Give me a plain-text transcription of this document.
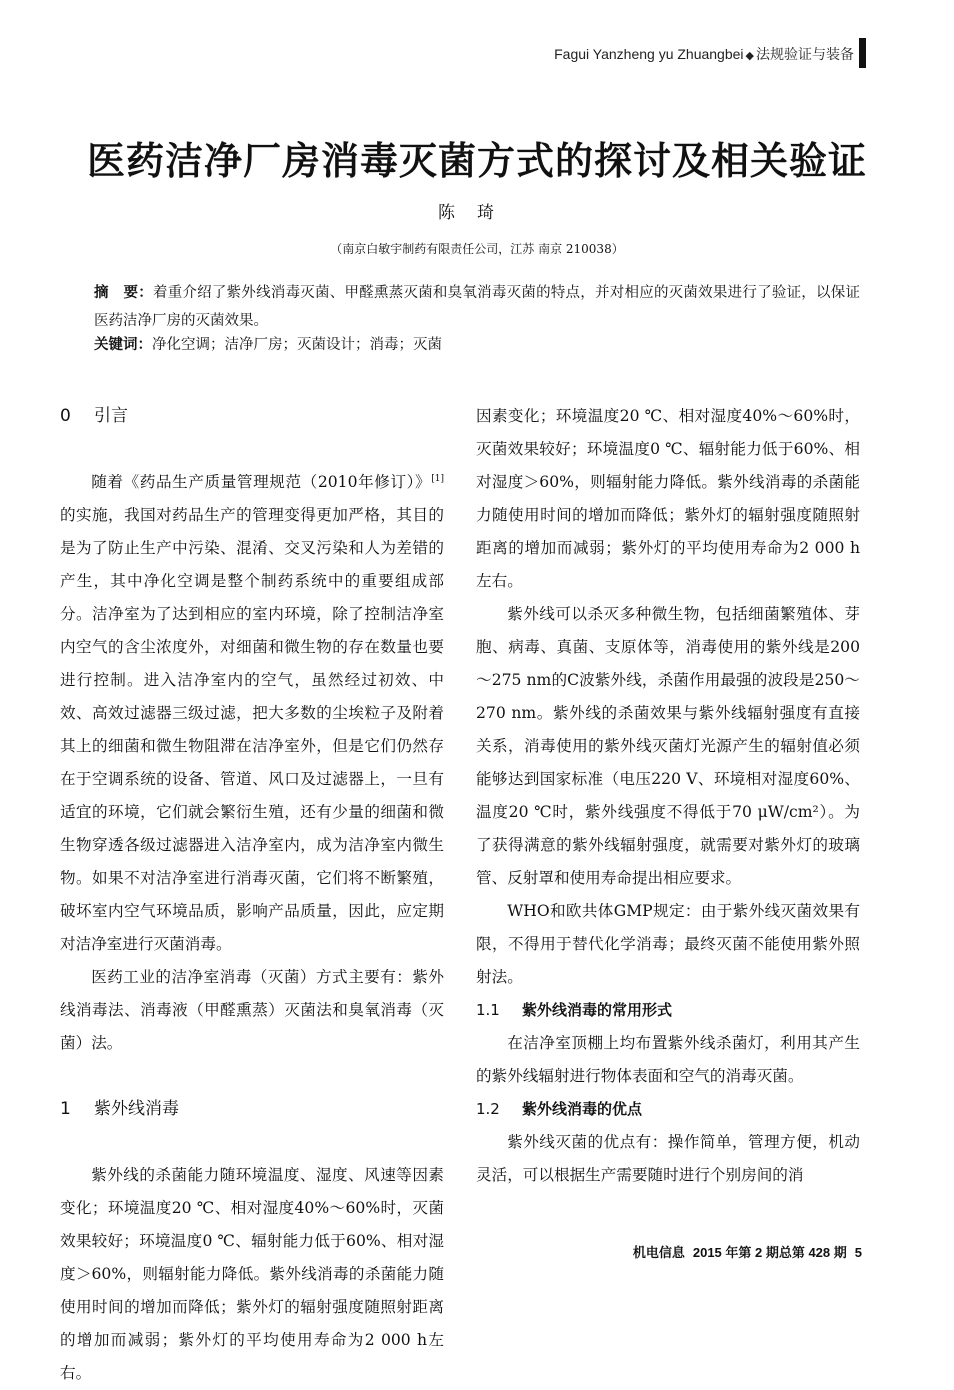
Fagui Yanzheng yu Zhuangbei ◆ 法规验证与装备
医药洁净厂房消毒灭菌方式的探讨及相关验证
陈琦
（南京白敏宇制药有限责任公司，江苏 南京 210038）
摘　要：着重介绍了紫外线消毒灭菌、甲醛熏蒸灭菌和臭氧消毒灭菌的特点，并对相应的灭菌效果进行了验证，以保证医药洁净厂房的灭菌效果。
关键词：净化空调；洁净厂房；灭菌设计；消毒；灭菌
0 引言

随着《药品生产质量管理规范（2010年修订）》[1]的实施，我国对药品生产的管理变得更加严格，其目的是为了防止生产中污染、混淆、交叉污染和人为差错的产生，其中净化空调是整个制药系统中的重要组成部分。洁净室为了达到相应的室内环境，除了控制洁净室内空气的含尘浓度外，对细菌和微生物的存在数量也要进行控制。进入洁净室内的空气，虽然经过初效、中效、高效过滤器三级过滤，把大多数的尘埃粒子及附着其上的细菌和微生物阻滞在洁净室外，但是它们仍然存在于空调系统的设备、管道、风口及过滤器上，一旦有适宜的环境，它们就会繁衍生殖，还有少量的细菌和微生物穿透各级过滤器进入洁净室内，成为洁净室内微生物。如果不对洁净室进行消毒灭菌，它们将不断繁殖，破坏室内空气环境品质，影响产品质量，因此，应定期对洁净室进行灭菌消毒。

医药工业的洁净室消毒（灭菌）方式主要有：紫外线消毒法、消毒液（甲醛熏蒸）灭菌法和臭氧消毒（灭菌）法。

1 紫外线消毒

紫外线的杀菌能力随环境温度、湿度、风速等因素变化；环境温度20 ℃、相对湿度40%～60%时，灭菌效果较好；环境温度0 ℃、辐射能力低于60%、相对湿度＞60%，则辐射能力降低。紫外线消毒的杀菌能力随使用时间的增加而降低；紫外灯的辐射强度随照射距离的增加而减弱；紫外灯的平均使用寿命为2 000 h左右。

因素变化；环境温度20 ℃、相对湿度40%～60%时，灭菌效果较好；环境温度0 ℃、辐射能力低于60%、相对湿度＞60%，则辐射能力降低。紫外线消毒的杀菌能力随使用时间的增加而降低；紫外灯的辐射强度随照射距离的增加而减弱；紫外灯的平均使用寿命为2 000 h左右。

紫外线可以杀灭多种微生物，包括细菌繁殖体、芽胞、病毒、真菌、支原体等，消毒使用的紫外线是200～275 nm的C波紫外线，杀菌作用最强的波段是250～270 nm。紫外线的杀菌效果与紫外线辐射强度有直接关系，消毒使用的紫外线灭菌灯光源产生的辐射值必须能够达到国家标准（电压220 V、环境相对湿度60%、温度20 ℃时，紫外线强度不得低于70 μW/cm²）。为了获得满意的紫外线辐射强度，就需要对紫外灯的玻璃管、反射罩和使用寿命提出相应要求。

WHO和欧共体GMP规定：由于紫外线灭菌效果有限，不得用于替代化学消毒；最终灭菌不能使用紫外照射法。

1.1 紫外线消毒的常用形式

在洁净室顶棚上均布置紫外线杀菌灯，利用其产生的紫外线辐射进行物体表面和空气的消毒灭菌。

1.2 紫外线消毒的优点

紫外线灭菌的优点有：操作简单，管理方便，机动灵活，可以根据生产需要随时进行个别房间的消

机电信息 2015 年第 2 期总第 428 期 5
